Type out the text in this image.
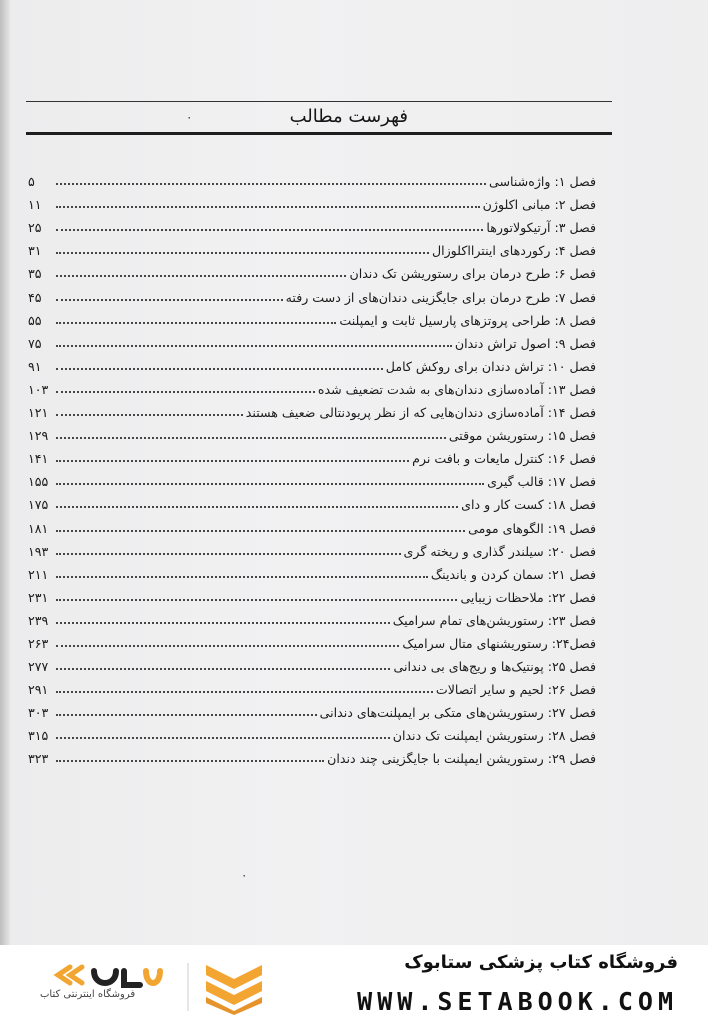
فهرست مطالب
٠
فصل ۱: واژه‌شناسی
۵
فصل ۲: مبانی اکلوژن
۱۱
فصل ۳: آرتیکولاتورها
۲۵
فصل ۴: رکوردهای اینترااکلوزال
۳۱
فصل ۶: طرح درمان برای رستوریشن تک دندان
۳۵
فصل ۷: طرح درمان برای جایگزینی دندان‌های از دست رفته
۴۵
فصل ۸: طراحی پروتزهای پارسیل ثابت و ایمپلنت
۵۵
فصل ۹: اصول تراش دندان
۷۵
فصل ۱۰: تراش دندان برای روکش کامل
۹۱
فصل ۱۳: آماده‌سازی دندان‌های به شدت تضعیف شده
۱۰۳
فصل ۱۴: آماده‌سازی دندان‌هایی که از نظر پریودنتالی ضعیف هستند
۱۲۱
فصل ۱۵: رستوریشن موقتی
۱۲۹
فصل ۱۶: کنترل مایعات و بافت نرم
۱۴۱
فصل ۱۷: قالب گیری
۱۵۵
فصل ۱۸: کست کار و دای
۱۷۵
فصل ۱۹: الگوهای مومی
۱۸۱
فصل ۲۰: سیلندر گذاری و ریخته گری
۱۹۳
فصل ۲۱: سمان کردن و باندینگ
۲۱۱
فصل ۲۲: ملاحظات زیبایی
۲۳۱
فصل ۲۳: رستوریشن‌های تمام سرامیک
۲۳۹
فصل۲۴: رستوریشنهای متال سرامیک
۲۶۳
فصل ۲۵: پونتیک‌ها و ریج‌های بی دندانی
۲۷۷
فصل ۲۶: لحیم و سایر اتصالات
۲۹۱
فصل ۲۷: رستوریشن‌های متکی بر ایمپلنت‌های دندانی
۳۰۳
فصل ۲۸: رستوریشن ایمپلنت تک دندان
۳۱۵
فصل ۲۹: رستوریشن ایمپلنت با جایگزینی چند دندان
۳۲۳
٠
فروشگاه اینترنتی کتاب
فروشگاه کتاب پزشکی ستابوک
WWW.SETABOOK.COM
